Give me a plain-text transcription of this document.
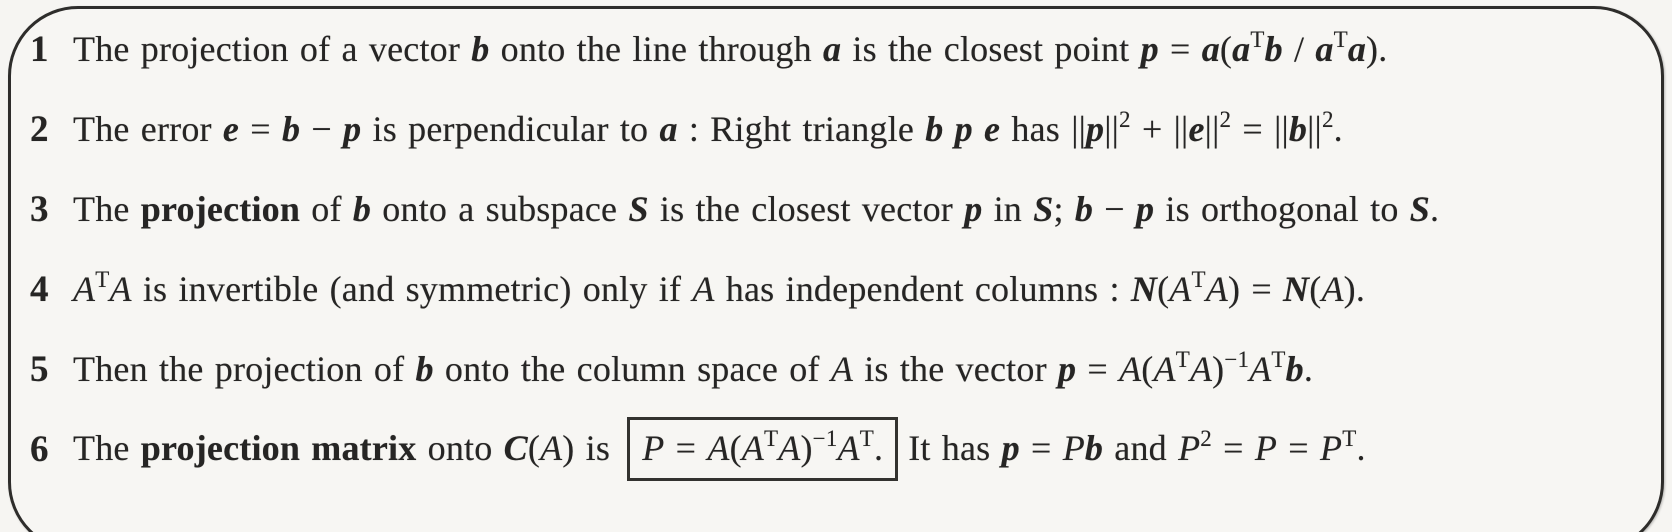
1 The projection of a vector b onto the line through a is the closest point $p = a(a^Tb / a^Ta)$.
2 The error e = b − p is perpendicular to a : Right triangle b p e has $||p||^2 + ||e||^2 = ||b||^2$.
3 The projection of b onto a subspace S is the closest vector p in S; b − p is orthogonal to S.
4 $A^TA$ is invertible (and symmetric) only if A has independent columns : $N(A^TA) = N(A)$.
5 Then the projection of b onto the column space of A is the vector $p = A(A^TA)^{-1}A^Tb$.
6 The projection matrix onto C(A) is $P = A(A^TA)^{-1}A^T$. It has p = Pb and $P^2 = P = P^T$.
